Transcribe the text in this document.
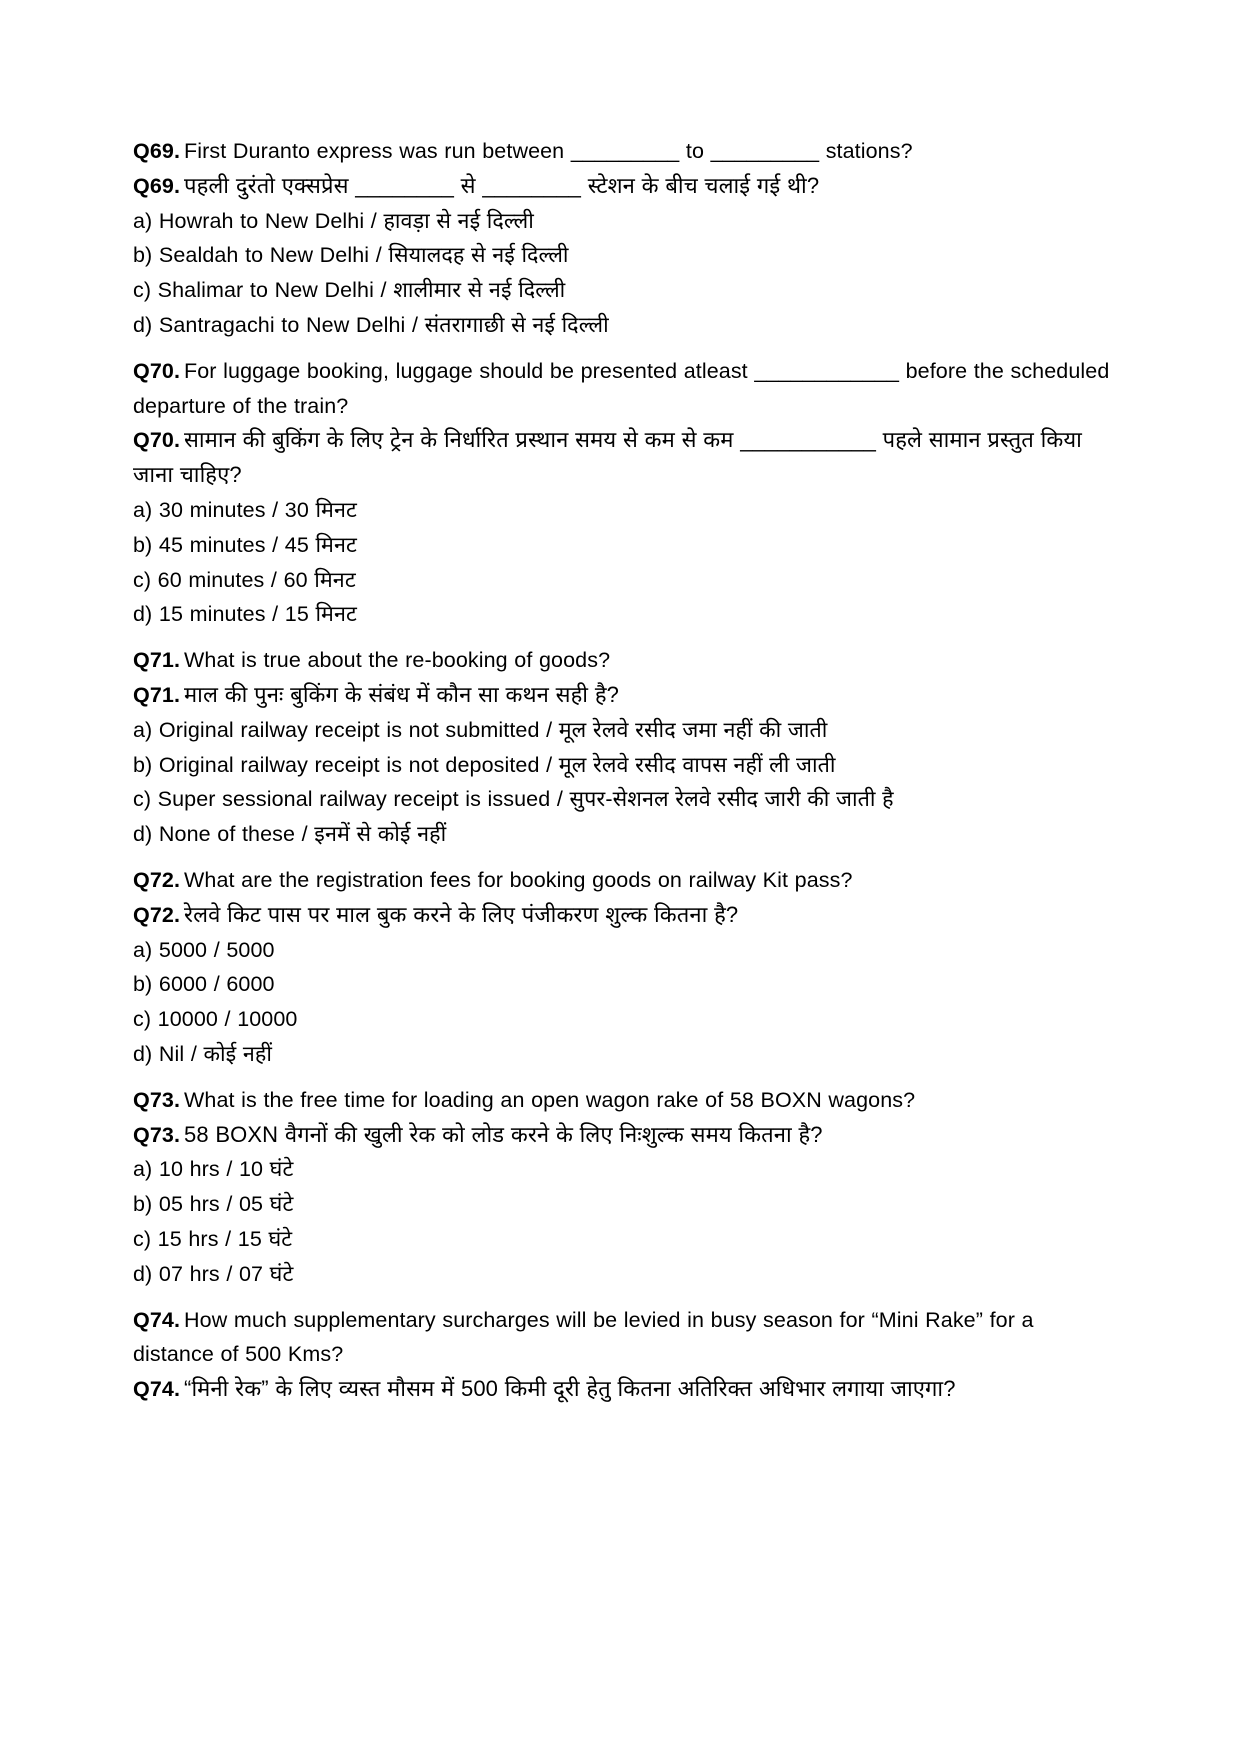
Q69. First Duranto express was run between _________ to _________ stations?

Q69. पहली दुरंतो एक्सप्रेस ________ से ________ स्टेशन के बीच चलाई गई थी?

a) Howrah to New Delhi / हावड़ा से नई दिल्ली

b) Sealdah to New Delhi / सियालदह से नई दिल्ली

c) Shalimar to New Delhi / शालीमार से नई दिल्ली

d) Santragachi to New Delhi / संतरागाछी से नई दिल्ली

Q70. For luggage booking, luggage should be presented atleast ____________ before the scheduled departure of the train?

Q70. सामान की बुकिंग के लिए ट्रेन के निर्धारित प्रस्थान समय से कम से कम ___________ पहले सामान प्रस्तुत किया जाना चाहिए?

a) 30 minutes / 30 मिनट

b) 45 minutes / 45 मिनट

c) 60 minutes / 60 मिनट

d) 15 minutes / 15 मिनट

Q71. What is true about the re-booking of goods?

Q71. माल की पुनः बुकिंग के संबंध में कौन सा कथन सही है?

a) Original railway receipt is not submitted / मूल रेलवे रसीद जमा नहीं की जाती

b) Original railway receipt is not deposited / मूल रेलवे रसीद वापस नहीं ली जाती

c) Super sessional railway receipt is issued / सुपर-सेशनल रेलवे रसीद जारी की जाती है

d) None of these / इनमें से कोई नहीं

Q72. What are the registration fees for booking goods on railway Kit pass?

Q72. रेलवे किट पास पर माल बुक करने के लिए पंजीकरण शुल्क कितना है?

a) 5000 / 5000

b) 6000 / 6000

c) 10000 / 10000

d) Nil / कोई नहीं

Q73. What is the free time for loading an open wagon rake of 58 BOXN wagons?

Q73. 58 BOXN वैगनों की खुली रेक को लोड करने के लिए निःशुल्क समय कितना है?

a) 10 hrs / 10 घंटे

b) 05 hrs / 05 घंटे

c) 15 hrs / 15 घंटे

d) 07 hrs / 07 घंटे

Q74. How much supplementary surcharges will be levied in busy season for “Mini Rake” for a distance of 500 Kms?

Q74. “मिनी रेक” के लिए व्यस्त मौसम में 500 किमी दूरी हेतु कितना अतिरिक्त अधिभार लगाया जाएगा?
